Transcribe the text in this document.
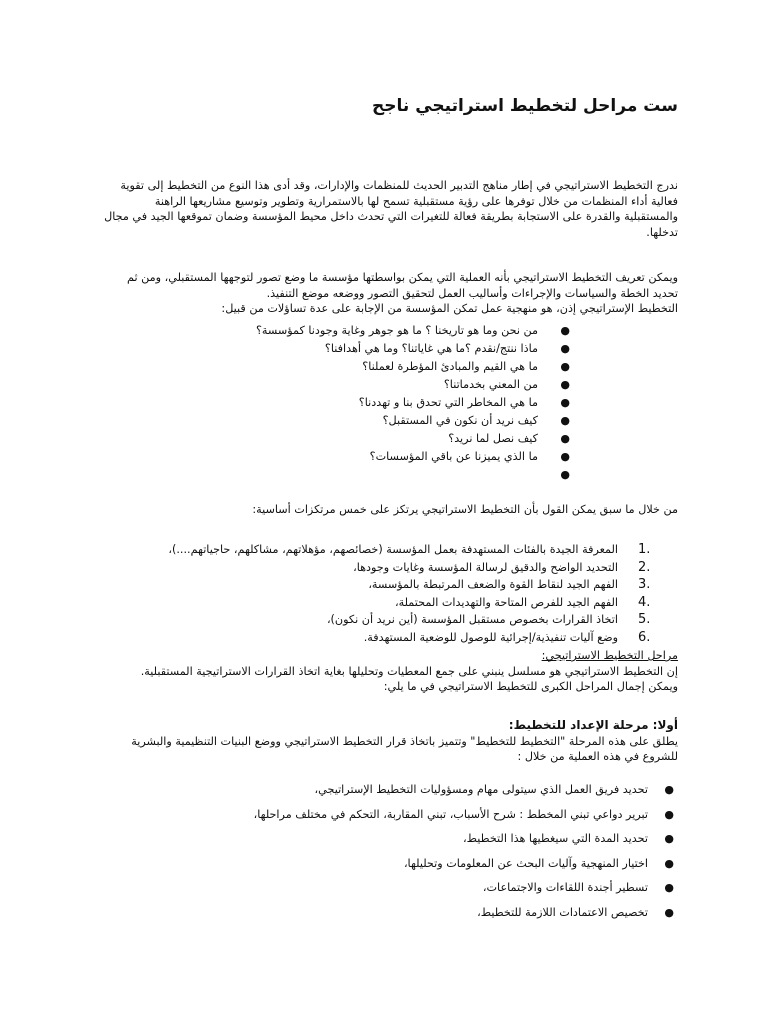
ست مراحل لتخطيط استراتيجي ناجح

ندرج التخطيط الاستراتيجي في إطار مناهج التدبير الحديث للمنظمات والإدارات، وقد أدى هذا النوع من التخطيط إلى تقوية

فعالية أداء المنظمات من خلال توفرها على رؤية مستقبلية تسمح لها بالاستمرارية وتطوير وتوسيع مشاريعها الراهنة

والمستقبلية والقدرة على الاستجابة بطريقة فعالة للتغيرات التي تحدث داخل محيط المؤسسة وضمان تموقعها الجيد في مجال

تدخلها.

ويمكن تعريف التخطيط الاستراتيجي بأنه العملية التي يمكن بواسطتها مؤسسة ما وضع تصور لتوجهها المستقبلي، ومن ثم

تحديد الخطة والسياسات والإجراءات وأساليب العمل لتحقيق التصور ووضعه موضع التنفيذ.

التخطيط الإستراتيجي إذن، هو منهجية عمل تمكن المؤسسة من الإجابة على عدة تساؤلات من قبيل:

●
من نحن وما هو تاريخنا ؟ ما هو جوهر وغاية وجودنا كمؤسسة؟
●
ماذا ننتج/نقدم ؟ما هي غاياتنا؟ وما هي أهدافنا؟
●
ما هي القيم والمبادئ المؤطرة لعملنا؟
●
من المعني بخدماتنا؟
●
ما هي المخاطر التي تحدق بنا و تهددنا؟
●
كيف نريد أن نكون في المستقبل؟
●
كيف نصل لما نريد؟
●
ما الذي يميزنا عن باقي المؤسسات؟
●

من خلال ما سبق يمكن القول بأن التخطيط الاستراتيجي يرتكز على خمس مرتكزات أساسية:

1.
المعرفة الجيدة بالفئات المستهدفة بعمل المؤسسة (خصائصهم، مؤهلاتهم، مشاكلهم، حاجياتهم....)،
2.
التحديد الواضح والدقيق لرسالة المؤسسة وغايات وجودها،
3.
الفهم الجيد لنقاط القوة والضعف المرتبطة بالمؤسسة،
4.
الفهم الجيد للفرص المتاحة والتهديدات المحتملة،
5.
اتخاذ القرارات بخصوص مستقبل المؤسسة (أين نريد أن نكون)،
6.
وضع آليات تنفيذية/إجرائية للوصول للوضعية المستهدفة.

مراحل التخطيط الاستراتيجي:

إن التخطيط الاستراتيجي هو مسلسل ينبني على جمع المعطيات وتحليلها بغاية اتخاذ القرارات الاستراتيجية المستقبلية.

ويمكن إجمال المراحل الكبرى للتخطيط الاستراتيجي في ما يلي:

أولا: مرحلة الإعداد للتخطيط:

يطلق على هذه المرحلة "التخطيط للتخطيط" وتتميز باتخاذ قرار التخطيط الاستراتيجي ووضع البنيات التنظيمية والبشرية

للشروع في هذه العملية من خلال :

●
تحديد فريق العمل الذي سيتولى مهام ومسؤوليات التخطيط الإستراتيجي،
●
تبرير دواعي تبني المخطط : شرح الأسباب، تبني المقاربة، التحكم في مختلف مراحلها،
●
تحديد المدة التي سيغطيها هذا التخطيط،
●
اختيار المنهجية وآليات البحث عن المعلومات وتحليلها،
●
تسطير أجندة اللقاءات والاجتماعات،
●
تخصيص الاعتمادات اللازمة للتخطيط،
